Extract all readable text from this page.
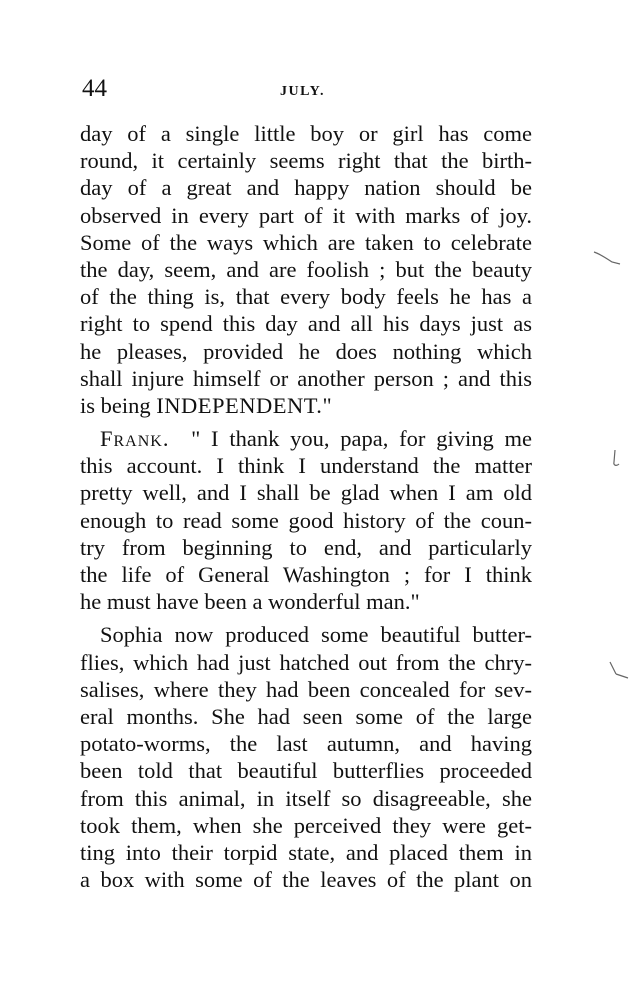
44	JULY.
day of a single little boy or girl has come
round, it certainly seems right that the birth-
day of a great and happy nation should be
observed in every part of it with marks of joy.
Some of the ways which are taken to celebrate
the day, seem, and are foolish ; but the beauty
of the thing is, that every body feels he has a
right to spend this day and all his days just as
he pleases, provided he does nothing which
shall injure himself or another person ; and this
is being INDEPENDENT."
Frank. " I thank you, papa, for giving me
this account. I think I understand the matter
pretty well, and I shall be glad when I am old
enough to read some good history of the coun-
try from beginning to end, and particularly
the life of General Washington ; for I think
he must have been a wonderful man."
Sophia now produced some beautiful butter-
flies, which had just hatched out from the chry-
salises, where they had been concealed for sev-
eral months. She had seen some of the large
potato-worms, the last autumn, and having
been told that beautiful butterflies proceeded
from this animal, in itself so disagreeable, she
took them, when she perceived they were get-
ting into their torpid state, and placed them in
a box with some of the leaves of the plant on
